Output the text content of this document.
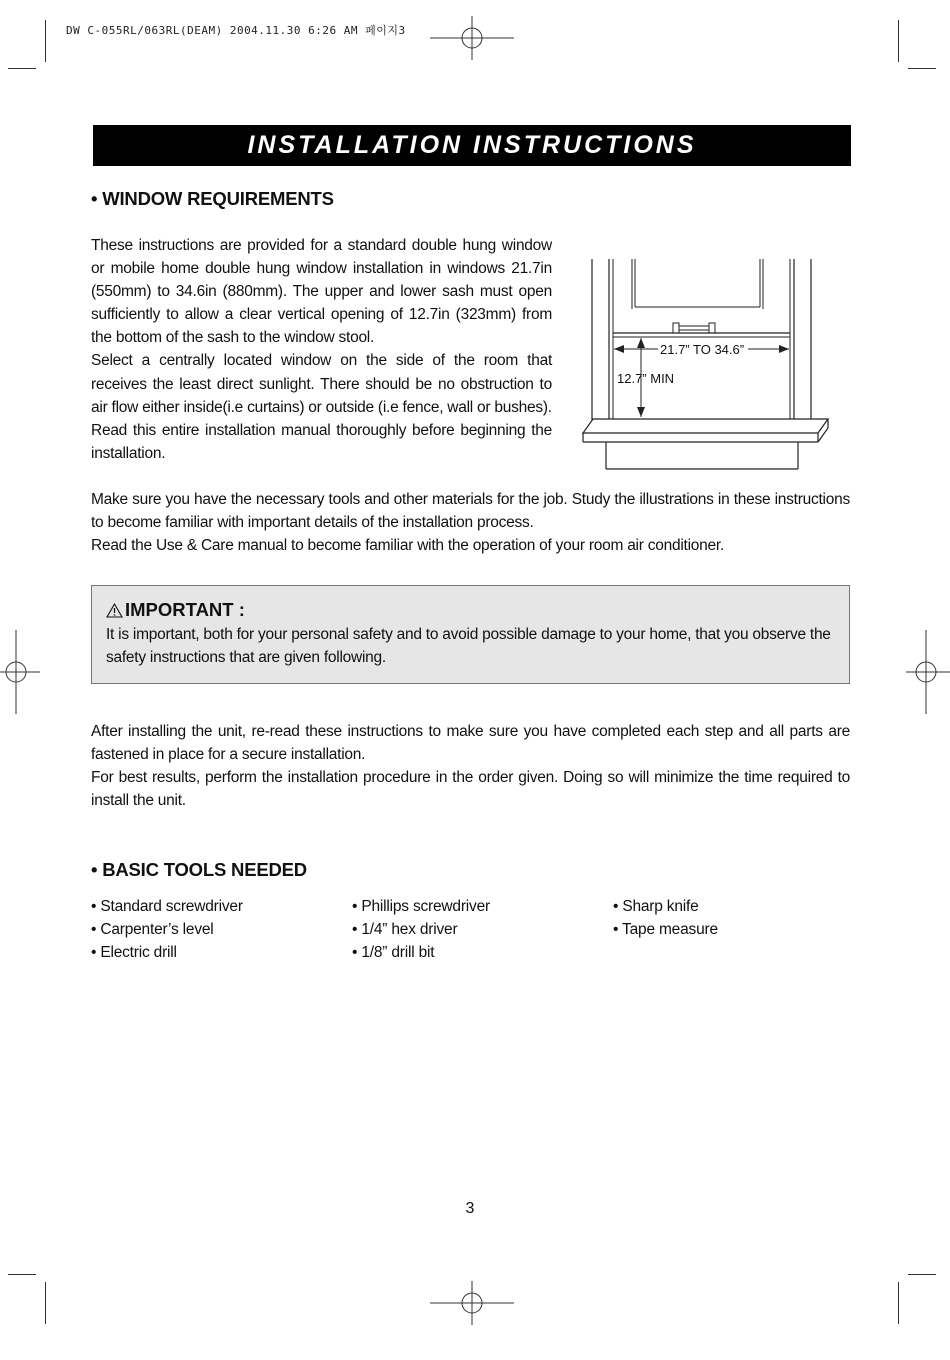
DW C-055RL/063RL(DEAM) 2004.11.30 6:26 AM 페이지3
INSTALLATION INSTRUCTIONS
• WINDOW REQUIREMENTS

These instructions are provided for a standard double hung window or mobile home double hung window installation in windows 21.7in (550mm) to 34.6in (880mm). The upper and lower sash must open sufficiently to allow a clear vertical opening of 12.7in (323mm) from the bottom of the sash to the window stool.

Select a centrally located window on the side of the room that receives the least direct sunlight. There should be no obstruction to air flow either inside(i.e curtains) or outside (i.e fence, wall or bushes).

Read this entire installation manual thoroughly before beginning the installation.

Make sure you have the necessary tools and other materials for the job. Study the illustrations in these instructions to become familiar with important details of the installation process.

Read the Use & Care manual to become familiar with the operation of your room air conditioner.

21.7” TO 34.6”
12.7” MIN
IMPORTANT :
It is important, both for your personal safety and to avoid possible damage to your home, that you observe the safety instructions that are given following.

After installing the unit, re-read these instructions to make sure you have completed each step and all parts are fastened in place for a secure installation.

For best results, perform the installation procedure in the order given. Doing so will minimize the time required to install the unit.

• BASIC TOOLS NEEDED
• Standard screwdriver
• Carpenter’s level
• Electric drill
• Phillips screwdriver
• 1/4” hex driver
• 1/8” drill bit
• Sharp knife
• Tape measure
3
